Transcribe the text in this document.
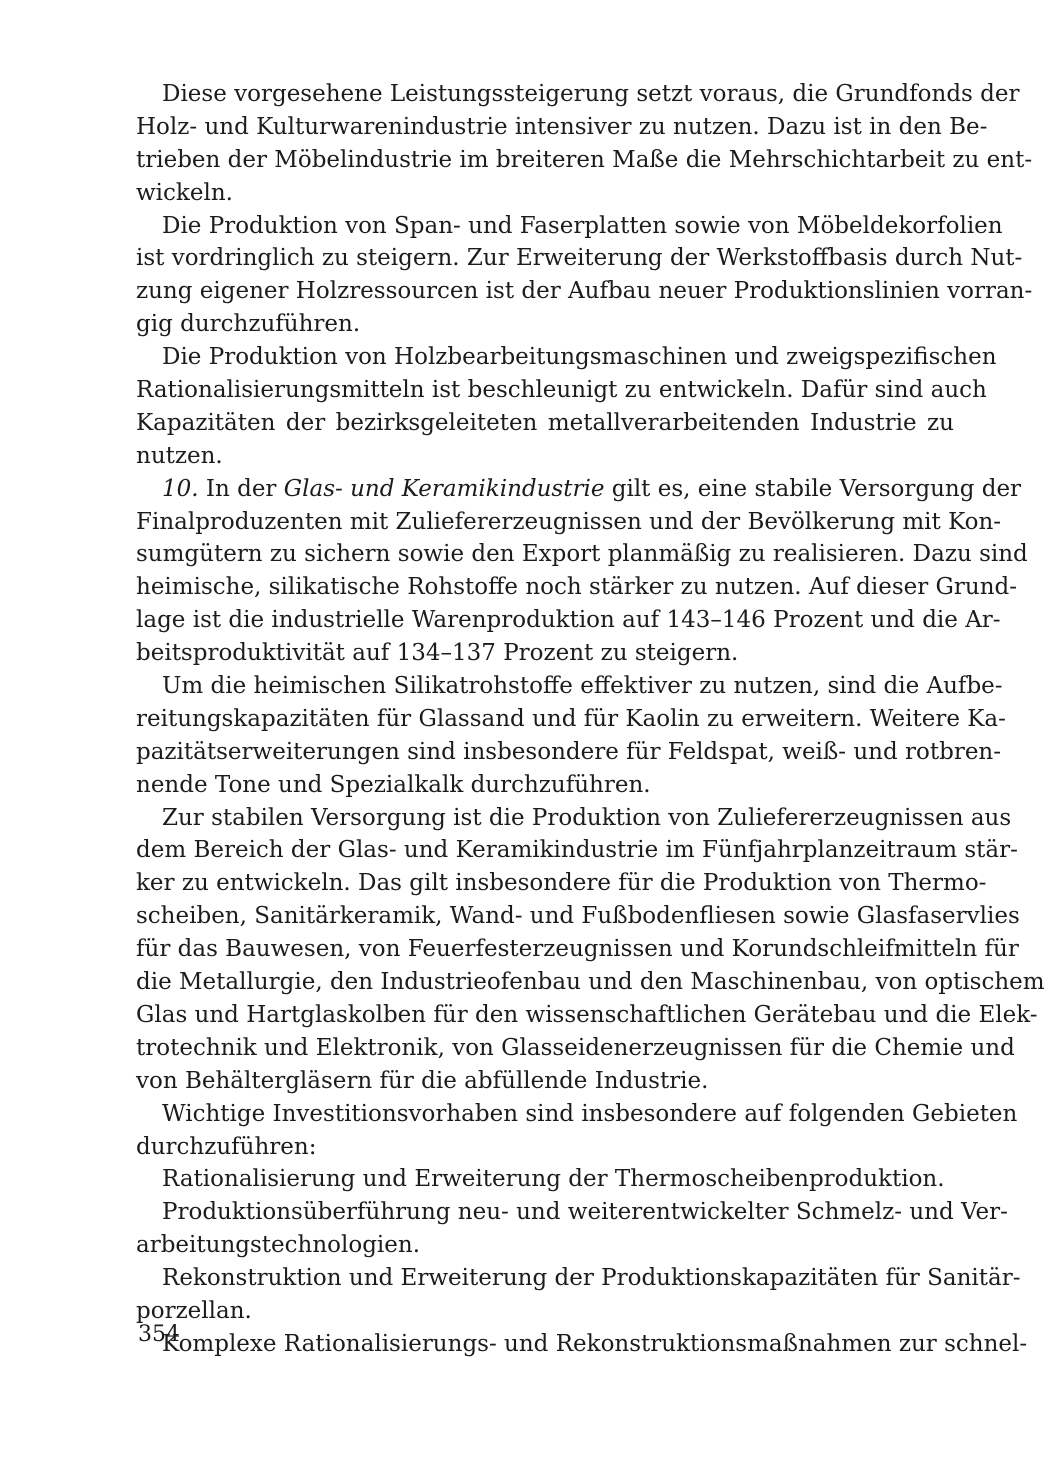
Diese vorgesehene Leistungssteigerung setzt voraus, die Grundfonds der
Holz- und Kulturwarenindustrie intensiver zu nutzen. Dazu ist in den Be-
trieben der Möbelindustrie im breiteren Maße die Mehrschichtarbeit zu ent-
wickeln.
Die Produktion von Span- und Faserplatten sowie von Möbeldekorfolien
ist vordringlich zu steigern. Zur Erweiterung der Werkstoffbasis durch Nut-
zung eigener Holzressourcen ist der Aufbau neuer Produktionslinien vorran-
gig durchzuführen.
Die Produktion von Holzbearbeitungsmaschinen und zweigspezifischen
Rationalisierungsmitteln ist beschleunigt zu entwickeln. Dafür sind auch
Kapazitäten der bezirksgeleiteten metallverarbeitenden Industrie zu
nutzen.
10. In der Glas- und Keramikindustrie gilt es, eine stabile Versorgung der
Finalproduzenten mit Zuliefererzeugnissen und der Bevölkerung mit Kon-
sumgütern zu sichern sowie den Export planmäßig zu realisieren. Dazu sind
heimische, silikatische Rohstoffe noch stärker zu nutzen. Auf dieser Grund-
lage ist die industrielle Warenproduktion auf 143–146 Prozent und die Ar-
beitsproduktivität auf 134–137 Prozent zu steigern.
Um die heimischen Silikatrohstoffe effektiver zu nutzen, sind die Aufbe-
reitungskapazitäten für Glassand und für Kaolin zu erweitern. Weitere Ka-
pazitätserweiterungen sind insbesondere für Feldspat, weiß- und rotbren-
nende Tone und Spezialkalk durchzuführen.
Zur stabilen Versorgung ist die Produktion von Zuliefererzeugnissen aus
dem Bereich der Glas- und Keramikindustrie im Fünfjahrplanzeitraum stär-
ker zu entwickeln. Das gilt insbesondere für die Produktion von Thermo-
scheiben, Sanitärkeramik, Wand- und Fußbodenfliesen sowie Glasfaservlies
für das Bauwesen, von Feuerfesterzeugnissen und Korundschleifmitteln für
die Metallurgie, den Industrieofenbau und den Maschinenbau, von optischem
Glas und Hartglaskolben für den wissenschaftlichen Gerätebau und die Elek-
trotechnik und Elektronik, von Glasseidenerzeugnissen für die Chemie und
von Behältergläsern für die abfüllende Industrie.
Wichtige Investitionsvorhaben sind insbesondere auf folgenden Gebieten
durchzuführen:
Rationalisierung und Erweiterung der Thermoscheibenproduktion.
Produktionsüberführung neu- und weiterentwickelter Schmelz- und Ver-
arbeitungstechnologien.
Rekonstruktion und Erweiterung der Produktionskapazitäten für Sanitär-
porzellan.
Komplexe Rationalisierungs- und Rekonstruktionsmaßnahmen zur schnel-
354
